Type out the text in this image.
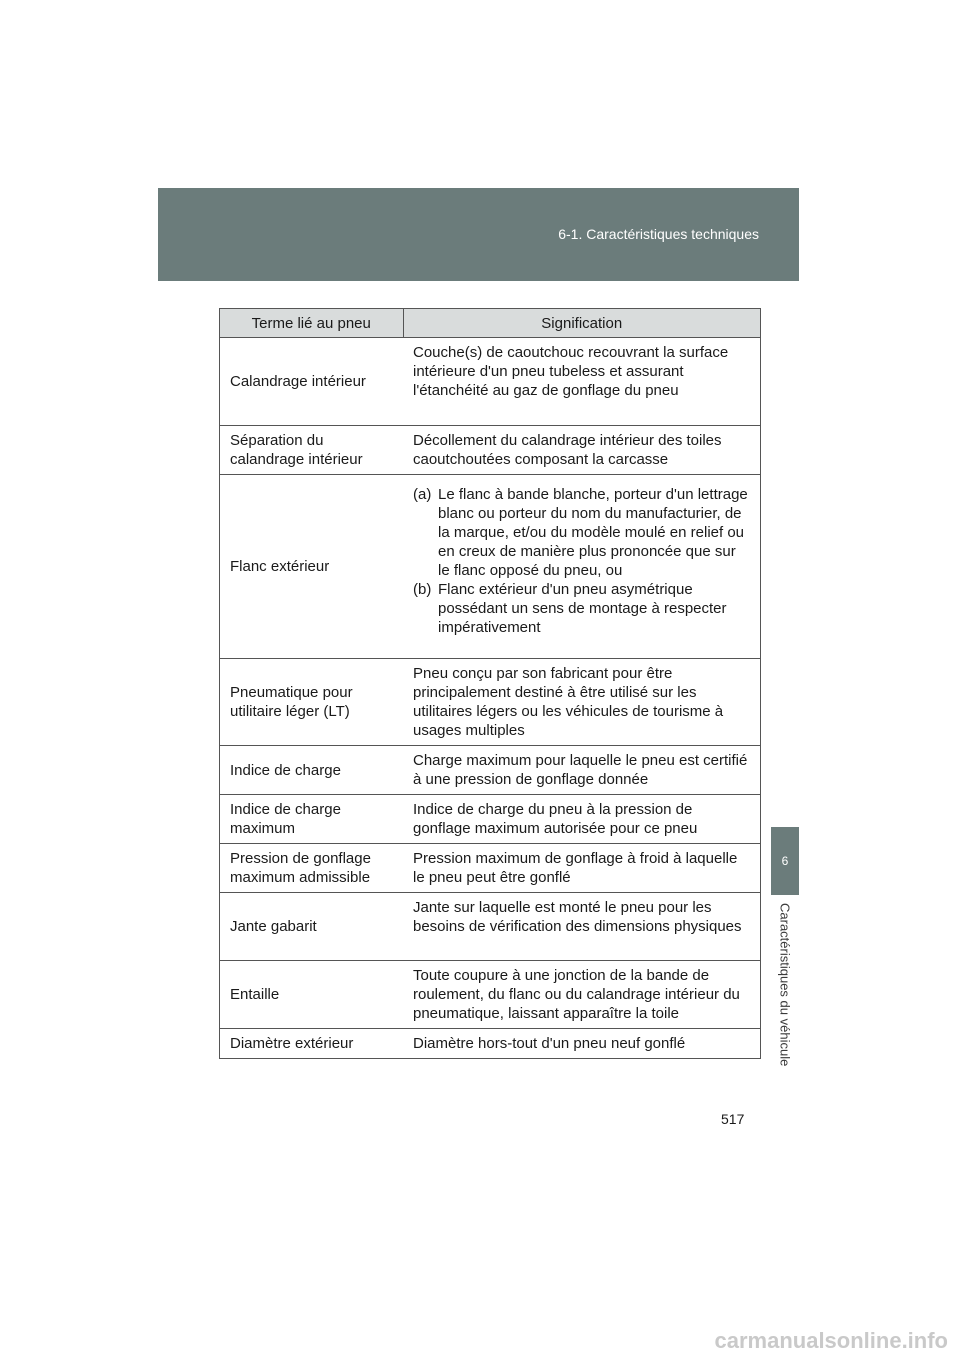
6-1. Caractéristiques techniques
6
Caractéristiques du véhicule
Terme lié au pneu	Signification
Calandrage intérieur	Couche(s) de caoutchouc recouvrant la surface intérieure d'un pneu tubeless et assurant l'étanchéité au gaz de gonflage du pneu
Séparation du calandrage intérieur	Décollement du calandrage intérieur des toiles caoutchoutées composant la carcasse
Flanc extérieur	(a) Le flanc à bande blanche, porteur d'un lettrage blanc ou porteur du nom du manufacturier, de la marque, et/ou du modèle moulé en relief ou en creux de manière plus prononcée que sur le flanc opposé du pneu, ou
(b) Flanc extérieur d'un pneu asymétrique possédant un sens de montage à respecter impérativement

Pneumatique pour utilitaire léger (LT)	Pneu conçu par son fabricant pour être principalement destiné à être utilisé sur les utilitaires légers ou les véhicules de tourisme à usages multiples
Indice de charge	Charge maximum pour laquelle le pneu est certifié à une pression de gonflage donnée
Indice de charge maximum	Indice de charge du pneu à la pression de gonflage maximum autorisée pour ce pneu
Pression de gonflage maximum admissible	Pression maximum de gonflage à froid à laquelle le pneu peut être gonflé
Jante gabarit	Jante sur laquelle est monté le pneu pour les besoins de vérification des dimensions physiques
Entaille	Toute coupure à une jonction de la bande de roulement, du flanc ou du calandrage intérieur du pneumatique, laissant apparaître la toile
Diamètre extérieur	Diamètre hors-tout d'un pneu neuf gonflé
517
carmanualsonline.info
